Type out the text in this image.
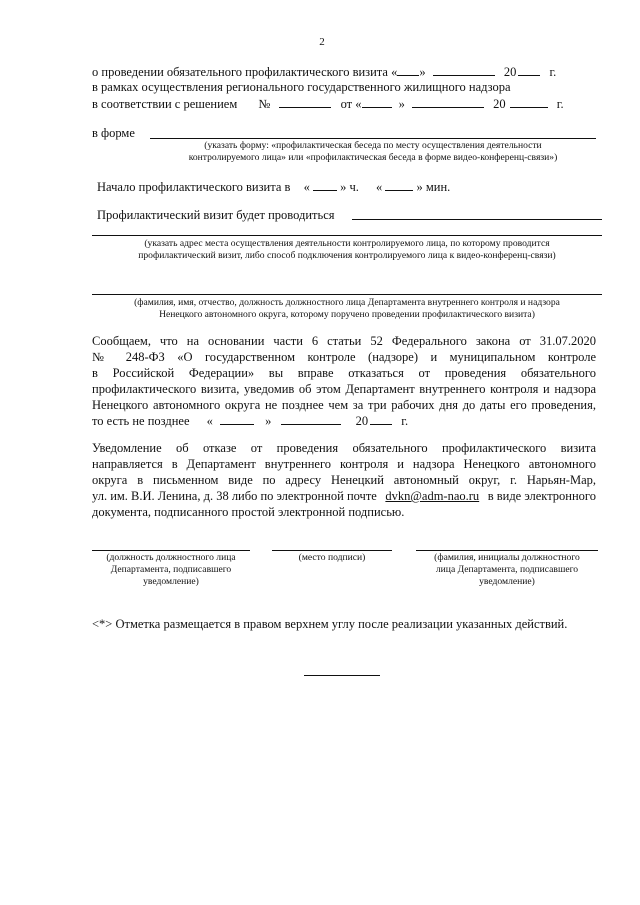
2
о проведении обязательного профилактического визита « »	20	г.
в рамках осуществления регионального государственного жилищного надзора
в соответствии с решением №	от «	»	20	г.
в форме
(указать форму: «профилактическая беседа по месту осуществления деятельности
контролируемого лица» или «профилактическая беседа в форме видео-конференц-связи»)
Начало профилактического визита в « » ч. «	» мин.
Профилактический визит будет проводиться
(указать адрес места осуществления деятельности контролируемого лица, по которому проводится
профилактический визит, либо способ подключения контролируемого лица к видео-конференц-связи)
(фамилия, имя, отчество, должность должностного лица Департамента внутреннего контроля и надзора
Ненецкого автономного округа, которому поручено проведении профилактического визита)
Сообщаем, что на основании части 6 статьи 52 Федерального закона от 31.07.2020
№ 248-ФЗ «О государственном контроле (надзоре) и муниципальном контроле
в Российской Федерации» вы вправе отказаться от проведения обязательного
профилактического визита, уведомив об этом Департамент внутреннего контроля и надзора
Ненецкого автономного округа не позднее чем за три рабочих дня до даты его проведения,
то есть не позднее «	»	20	г.
Уведомление об отказе от проведения обязательного профилактического визита
направляется в Департамент внутреннего контроля и надзора Ненецкого автономного
округа в письменном виде по адресу Ненецкий автономный округ, г. Нарьян-Мар,
ул. им. В.И. Ленина, д. 38 либо по электронной почте dvkn@adm-nao.ru в виде электронного
документа, подписанного простой электронной подписью.
(должность должностного лица
Департамента, подписавшего
уведомление)
(место подписи)	(фамилия, инициалы должностного
лица Департамента, подписавшего
уведомление)
<*> Отметка размещается в правом верхнем углу после реализации указанных действий.
